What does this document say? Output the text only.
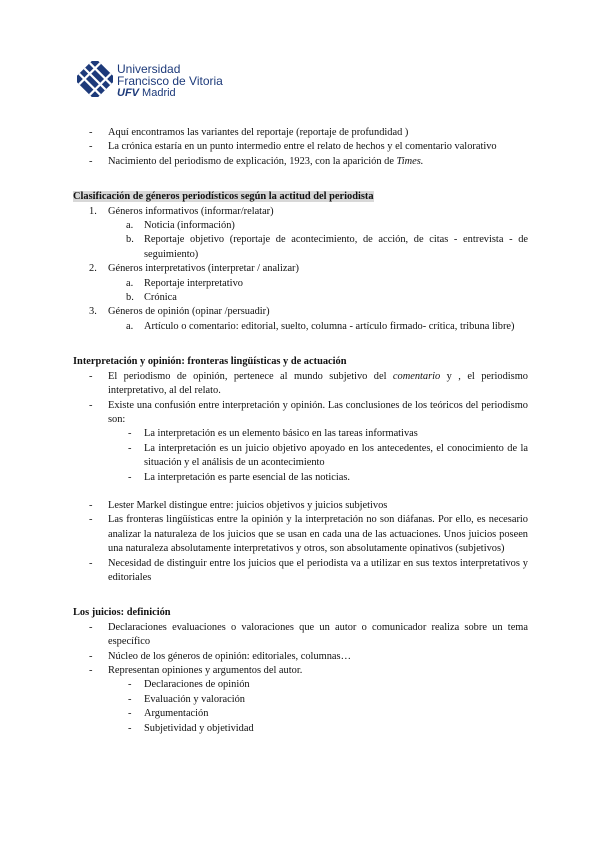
Universidad
Francisco de Vitoria
UFV Madrid
- Aquí encontramos las variantes del reportaje (reportaje de profundidad )
- La crónica estaría en un punto intermedio entre el relato de hechos y el comentario valorativo
- Nacimiento del periodismo de explicación, 1923, con la aparición de Times.
Clasificación de géneros periodísticos según la actitud del periodista
1. Géneros informativos (informar/relatar)
a. Noticia (información)
b. Reportaje objetivo (reportaje de acontecimiento, de acción, de citas - entrevista - de seguimiento)
2. Géneros interpretativos (interpretar / analizar)
a. Reportaje interpretativo
b. Crónica
3. Géneros de opinión (opinar /persuadir)
a. Artículo o comentario: editorial, suelto, columna - artículo firmado- crítica, tribuna libre)
Interpretación y opinión: fronteras lingüísticas y de actuación
- El periodismo de opinión, pertenece al mundo subjetivo del comentario y , el periodismo interpretativo, al del relato.
- Existe una confusión entre interpretación y opinión. Las conclusiones de los teóricos del periodismo son:
- La interpretación es un elemento básico en las tareas informativas
- La interpretación es un juicio objetivo apoyado en los antecedentes, el conocimiento de la situación y el análisis de un acontecimiento
- La interpretación es parte esencial de las noticias.
- Lester Markel distingue entre: juicios objetivos y juicios subjetivos
- Las fronteras lingüísticas entre la opinión y la interpretación no son diáfanas. Por ello, es necesario analizar la naturaleza de los juicios que se usan en cada una de las actuaciones. Unos juicios poseen una naturaleza absolutamente interpretativos y otros, son absolutamente opinativos (subjetivos)
- Necesidad de distinguir entre los juicios que el periodista va a utilizar en sus textos interpretativos y editoriales
Los juicios: definición
- Declaraciones evaluaciones o valoraciones que un autor o comunicador realiza sobre un tema específico
- Núcleo de los géneros de opinión: editoriales, columnas…
- Representan opiniones y argumentos del autor.
- Declaraciones de opinión
- Evaluación y valoración
- Argumentación
- Subjetividad y objetividad
